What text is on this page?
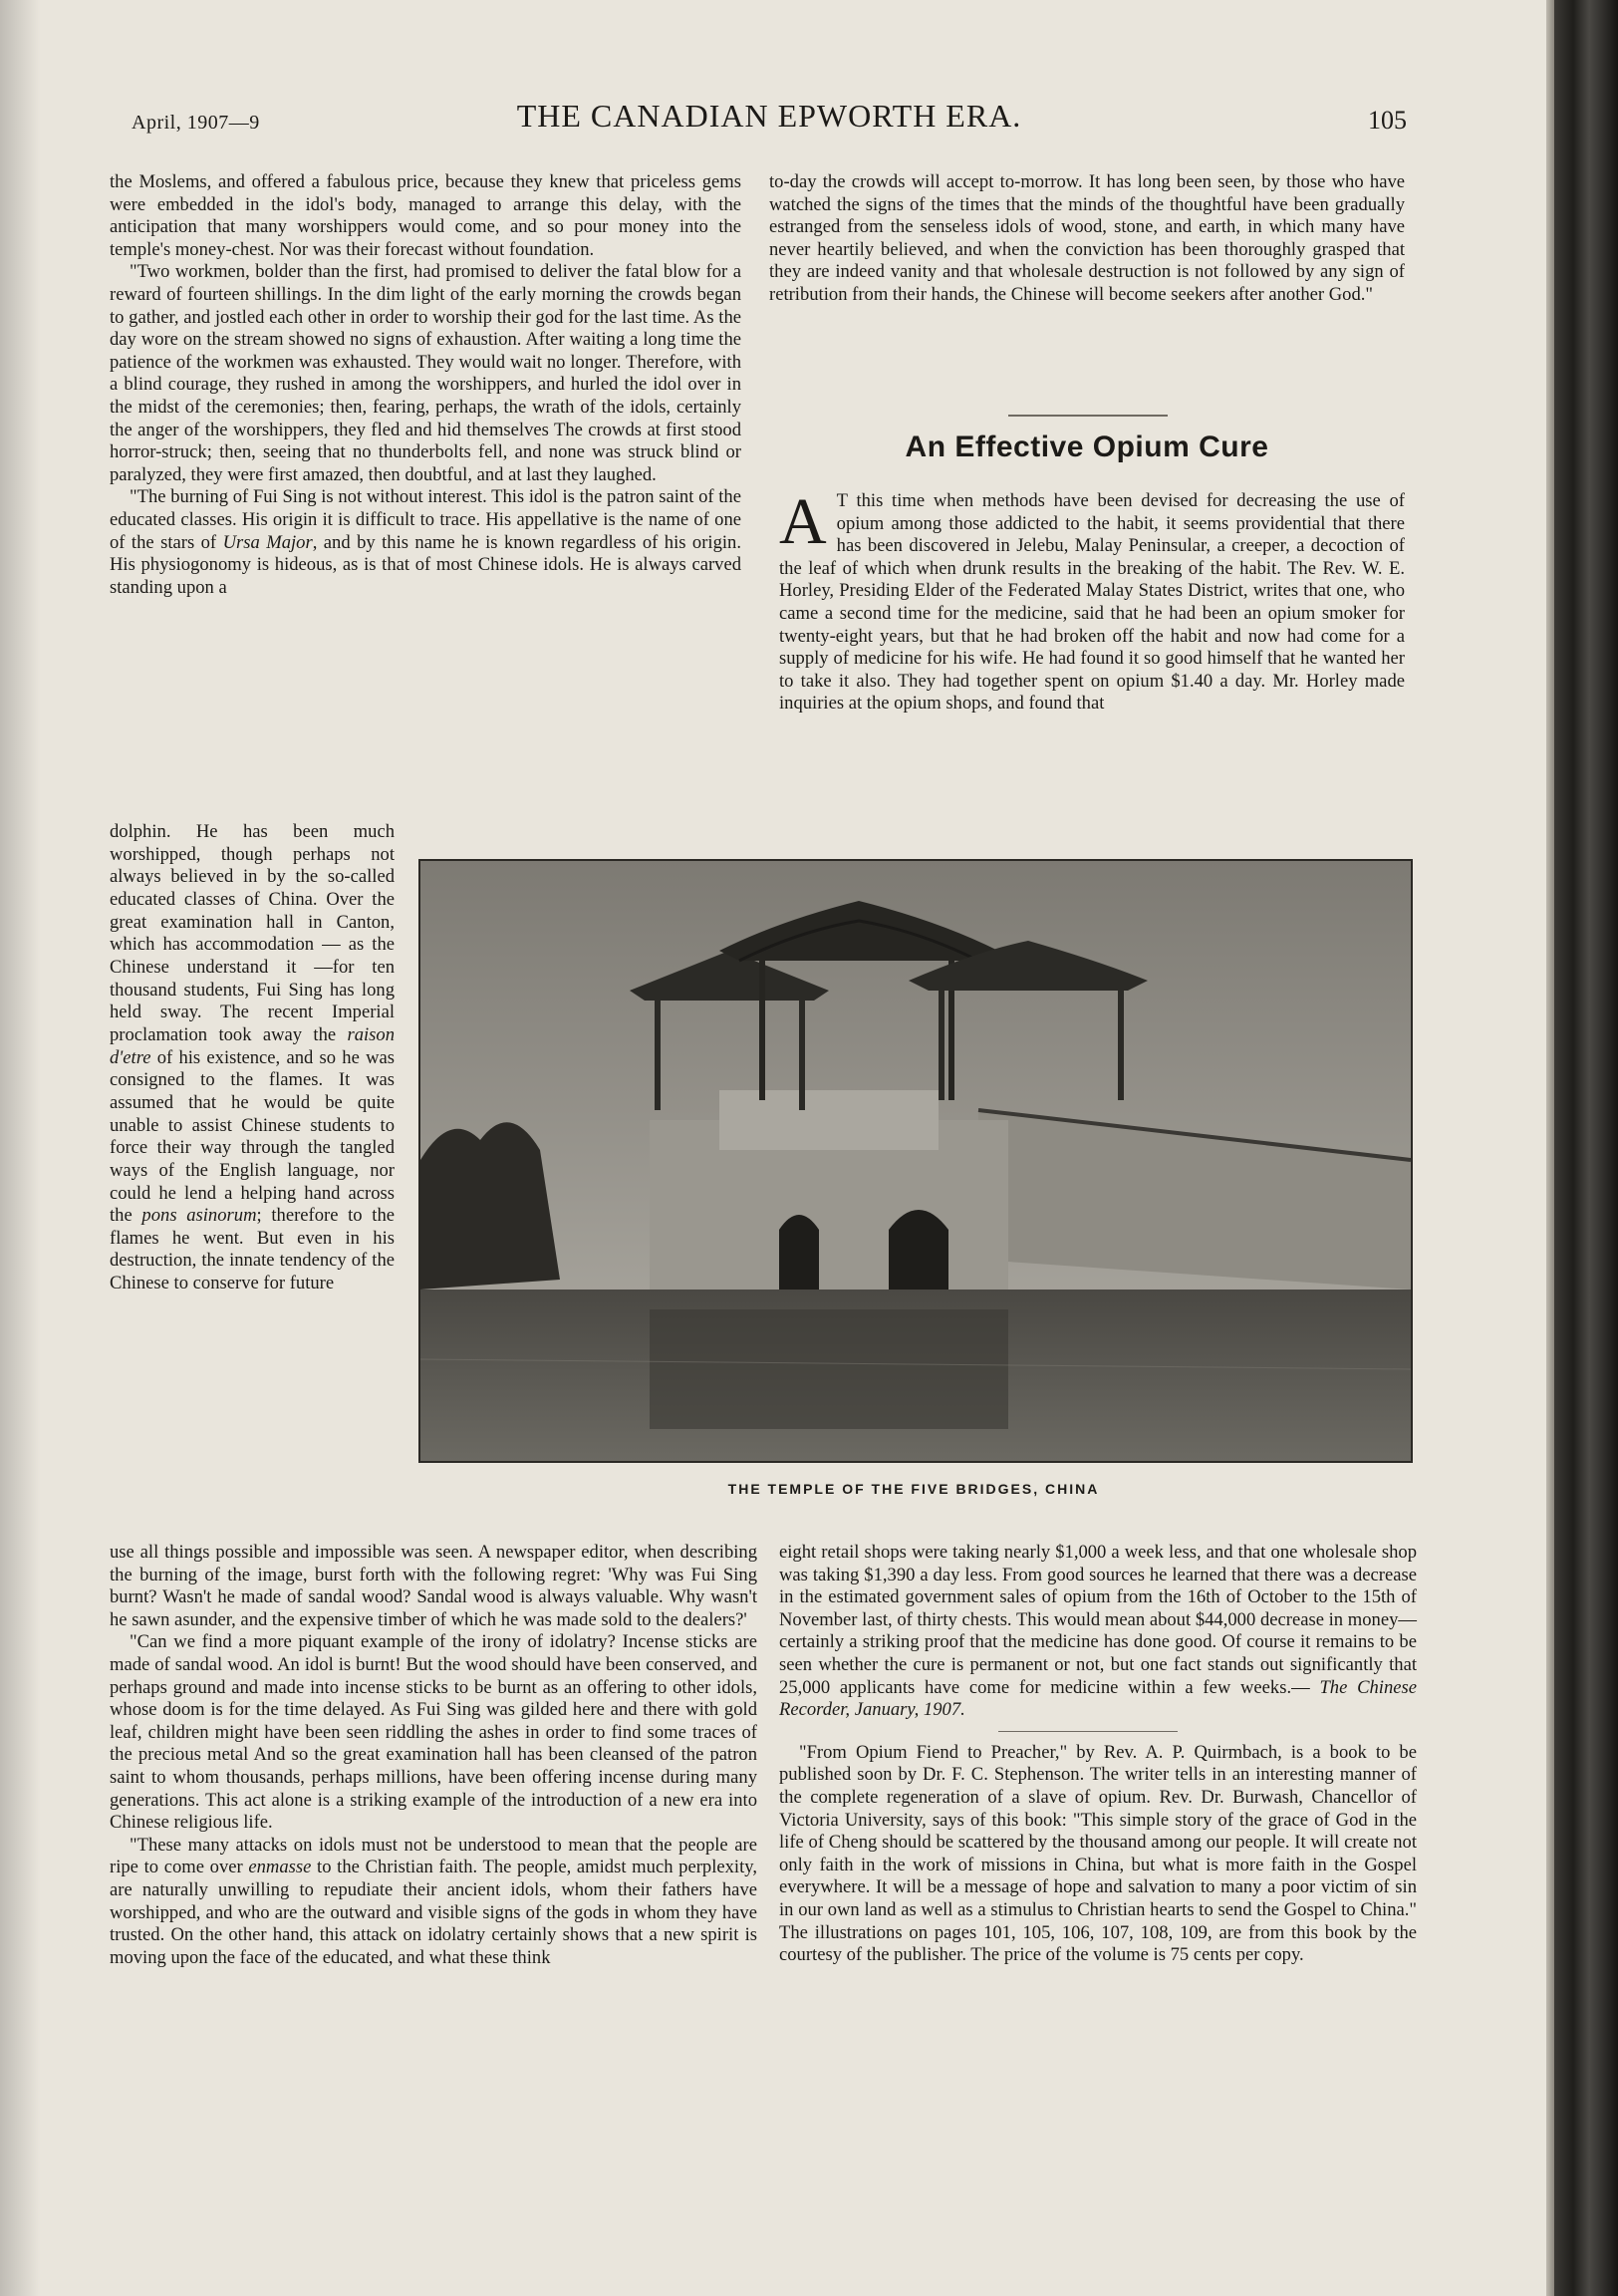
April, 1907—9	THE CANADIAN EPWORTH ERA.	105

the Moslems, and offered a fabulous price, because they knew that priceless gems were embedded in the idol's body, managed to arrange this delay, with the anticipation that many worshippers would come, and so pour money into the temple's money-chest. Nor was their forecast without foundation.

"Two workmen, bolder than the first, had promised to deliver the fatal blow for a reward of fourteen shillings. In the dim light of the early morning the crowds began to gather, and jostled each other in order to worship their god for the last time. As the day wore on the stream showed no signs of exhaustion. After waiting a long time the patience of the workmen was exhausted. They would wait no longer. Therefore, with a blind courage, they rushed in among the worshippers, and hurled the idol over in the midst of the ceremonies; then, fearing, perhaps, the wrath of the idols, certainly the anger of the worshippers, they fled and hid themselves The crowds at first stood horror-struck; then, seeing that no thunderbolts fell, and none was struck blind or paralyzed, they were first amazed, then doubtful, and at last they laughed.

"The burning of Fui Sing is not without interest. This idol is the patron saint of the educated classes. His origin it is difficult to trace. His appellative is the name of one of the stars of Ursa Major, and by this name he is known regardless of his origin. His physiogonomy is hideous, as is that of most Chinese idols. He is always carved standing upon a

dolphin. He has been much worshipped, though perhaps not always believed in by the so-called educated classes of China. Over the great examination hall in Canton, which has accommodation — as the Chinese understand it —for ten thousand students, Fui Sing has long held sway. The recent Imperial proclamation took away the raison d'etre of his existence, and so he was consigned to the flames. It was assumed that he would be quite unable to assist Chinese students to force their way through the tangled ways of the English language, nor could he lend a helping hand across the pons asinorum; therefore to the flames he went. But even in his destruction, the innate tendency of the Chinese to conserve for future

use all things possible and impossible was seen. A newspaper editor, when describing the burning of the image, burst forth with the following regret: 'Why was Fui Sing burnt? Wasn't he made of sandal wood? Sandal wood is always valuable. Why wasn't he sawn asunder, and the expensive timber of which he was made sold to the dealers?'

"Can we find a more piquant example of the irony of idolatry? Incense sticks are made of sandal wood. An idol is burnt! But the wood should have been conserved, and perhaps ground and made into incense sticks to be burnt as an offering to other idols, whose doom is for the time delayed. As Fui Sing was gilded here and there with gold leaf, children might have been seen riddling the ashes in order to find some traces of the precious metal And so the great examination hall has been cleansed of the patron saint to whom thousands, perhaps millions, have been offering incense during many generations. This act alone is a striking example of the introduction of a new era into Chinese religious life.

"These many attacks on idols must not be understood to mean that the people are ripe to come over enmasse to the Christian faith. The people, amidst much perplexity, are naturally unwilling to repudiate their ancient idols, whom their fathers have worshipped, and who are the outward and visible signs of the gods in whom they have trusted. On the other hand, this attack on idolatry certainly shows that a new spirit is moving upon the face of the educated, and what these think

to-day the crowds will accept to-morrow. It has long been seen, by those who have watched the signs of the times that the minds of the thoughtful have been gradually estranged from the senseless idols of wood, stone, and earth, in which many have never heartily believed, and when the conviction has been thoroughly grasped that they are indeed vanity and that wholesale destruction is not followed by any sign of retribution from their hands, the Chinese will become seekers after another God."

An Effective Opium Cure

A T this time when methods have been devised for decreasing the use of opium among those addicted to the habit, it seems providential that there has been discovered in Jelebu, Malay Peninsular, a creeper, a decoction of the leaf of which when drunk results in the breaking of the habit. The Rev. W. E. Horley, Presiding Elder of the Federated Malay States District, writes that one, who came a second time for the medicine, said that he had been an opium smoker for twenty-eight years, but that he had broken off the habit and now had come for a supply of medicine for his wife. He had found it so good himself that he wanted her to take it also. They had together spent on opium $1.40 a day. Mr. Horley made inquiries at the opium shops, and found that

THE TEMPLE OF THE FIVE BRIDGES, CHINA

eight retail shops were taking nearly $1,000 a week less, and that one wholesale shop was taking $1,390 a day less. From good sources he learned that there was a decrease in the estimated government sales of opium from the 16th of October to the 15th of November last, of thirty chests. This would mean about $44,000 decrease in money—certainly a striking proof that the medicine has done good. Of course it remains to be seen whether the cure is permanent or not, but one fact stands out significantly that 25,000 applicants have come for medicine within a few weeks.— The Chinese Recorder, January, 1907.

"From Opium Fiend to Preacher," by Rev. A. P. Quirmbach, is a book to be published soon by Dr. F. C. Stephenson. The writer tells in an interesting manner of the complete regeneration of a slave of opium. Rev. Dr. Burwash, Chancellor of Victoria University, says of this book: "This simple story of the grace of God in the life of Cheng should be scattered by the thousand among our people. It will create not only faith in the work of missions in China, but what is more faith in the Gospel everywhere. It will be a message of hope and salvation to many a poor victim of sin in our own land as well as a stimulus to Christian hearts to send the Gospel to China." The illustrations on pages 101, 105, 106, 107, 108, 109, are from this book by the courtesy of the publisher. The price of the volume is 75 cents per copy.
